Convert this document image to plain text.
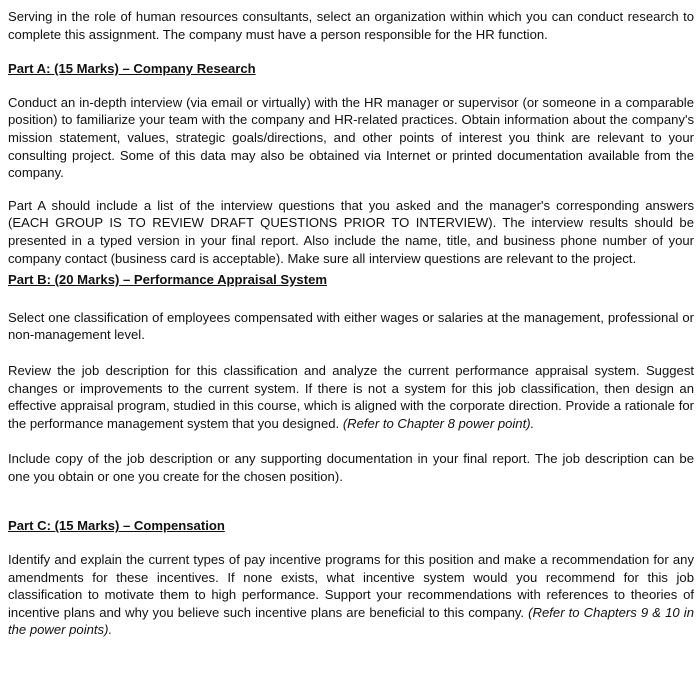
Serving in the role of human resources consultants, select an organization within which you can conduct research to complete this assignment. The company must have a person responsible for the HR function.

Part A: (15 Marks) – Company Research

Conduct an in-depth interview (via email or virtually) with the HR manager or supervisor (or someone in a comparable position) to familiarize your team with the company and HR-related practices. Obtain information about the company's mission statement, values, strategic goals/directions, and other points of interest you think are relevant to your consulting project. Some of this data may also be obtained via Internet or printed documentation available from the company.

Part A should include a list of the interview questions that you asked and the manager's corresponding answers (EACH GROUP IS TO REVIEW DRAFT QUESTIONS PRIOR TO INTERVIEW). The interview results should be presented in a typed version in your final report. Also include the name, title, and business phone number of your company contact (business card is acceptable). Make sure all interview questions are relevant to the project.

Part B: (20 Marks) – Performance Appraisal System

Select one classification of employees compensated with either wages or salaries at the management, professional or non-management level.

Review the job description for this classification and analyze the current performance appraisal system. Suggest changes or improvements to the current system. If there is not a system for this job classification, then design an effective appraisal program, studied in this course, which is aligned with the corporate direction. Provide a rationale for the performance management system that you designed. (Refer to Chapter 8 power point).

Include copy of the job description or any supporting documentation in your final report. The job description can be one you obtain or one you create for the chosen position).

Part C: (15 Marks) – Compensation

Identify and explain the current types of pay incentive programs for this position and make a recommendation for any amendments for these incentives. If none exists, what incentive system would you recommend for this job classification to motivate them to high performance. Support your recommendations with references to theories of incentive plans and why you believe such incentive plans are beneficial to this company. (Refer to Chapters 9 & 10 in the power points).
